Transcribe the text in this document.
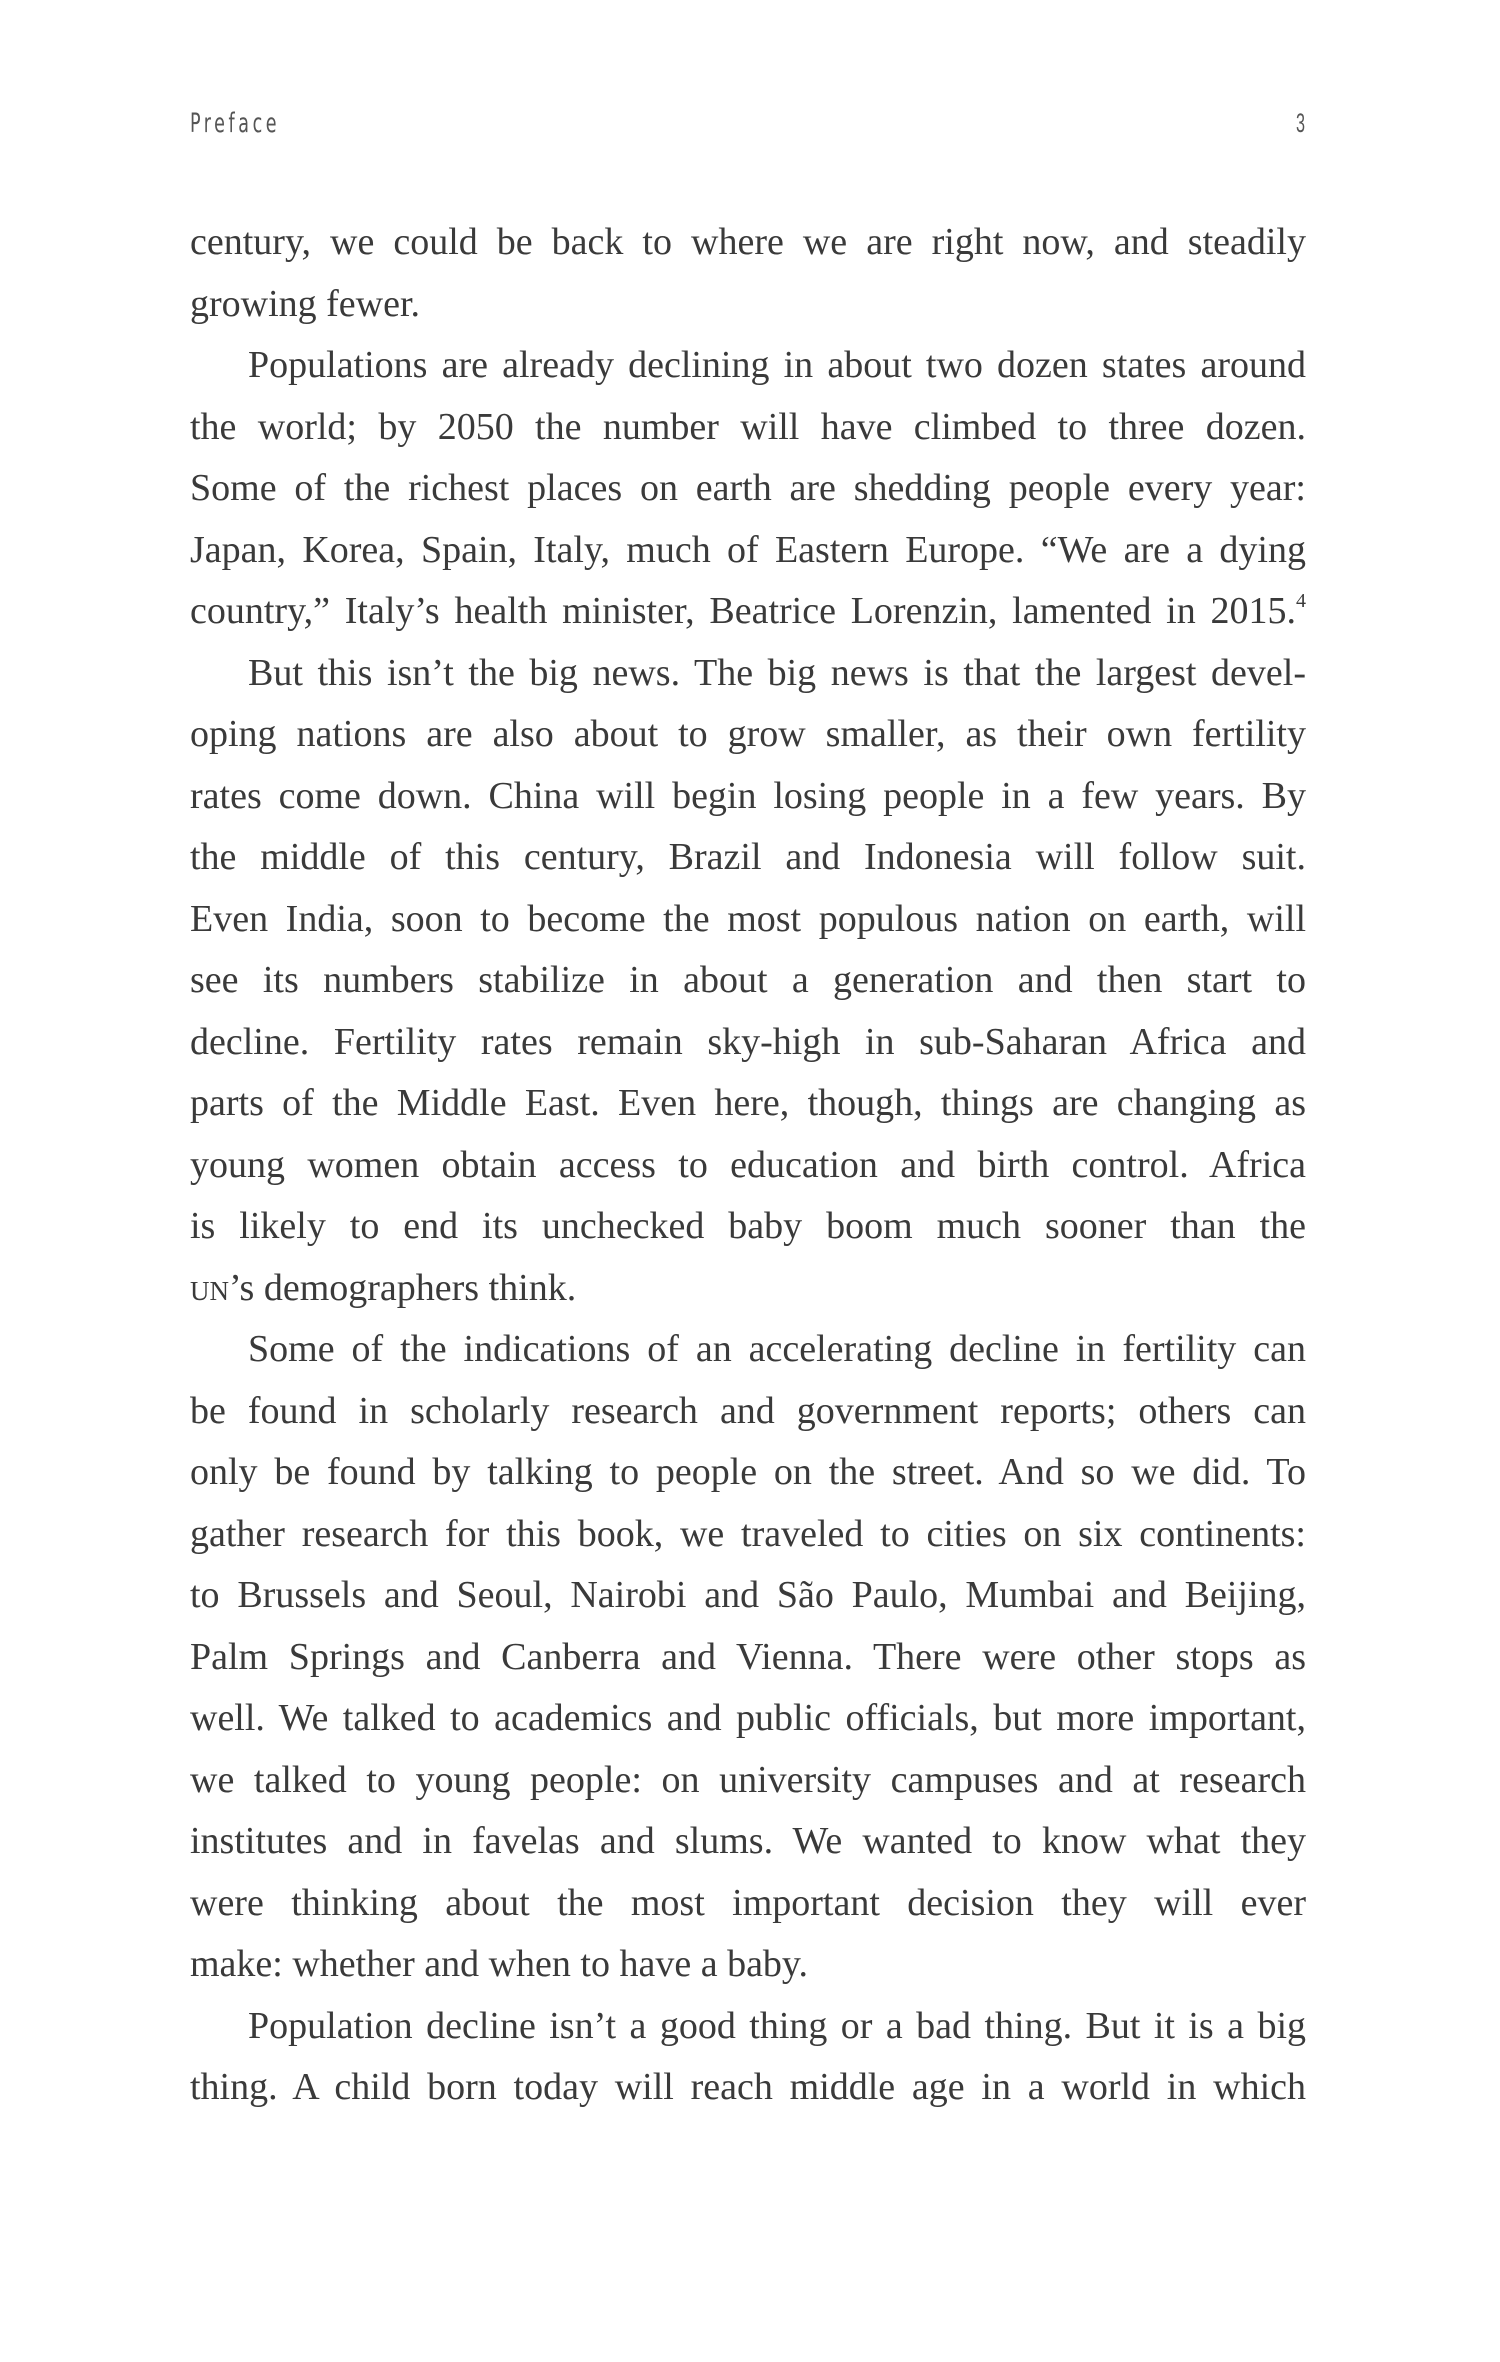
Preface	3
century, we could be back to where we are right now, and steadily
growing fewer.
Populations are already declining in about two dozen states around
the world; by 2050 the number will have climbed to three dozen.
Some of the richest places on earth are shedding people every year:
Japan, Korea, Spain, Italy, much of Eastern Europe. “We are a dying
country,” Italy’s health minister, Beatrice Lorenzin, lamented in 2015.$^4$
But this isn’t the big news. The big news is that the largest devel-
oping nations are also about to grow smaller, as their own fertility
rates come down. China will begin losing people in a few years. By
the middle of this century, Brazil and Indonesia will follow suit.
Even India, soon to become the most populous nation on earth, will
see its numbers stabilize in about a generation and then start to
decline. Fertility rates remain sky-high in sub-Saharan Africa and
parts of the Middle East. Even here, though, things are changing as
young women obtain access to education and birth control. Africa
is likely to end its unchecked baby boom much sooner than the
un’s demographers think.
Some of the indications of an accelerating decline in fertility can
be found in scholarly research and government reports; others can
only be found by talking to people on the street. And so we did. To
gather research for this book, we traveled to cities on six continents:
to Brussels and Seoul, Nairobi and São Paulo, Mumbai and Beijing,
Palm Springs and Canberra and Vienna. There were other stops as
well. We talked to academics and public officials, but more important,
we talked to young people: on university campuses and at research
institutes and in favelas and slums. We wanted to know what they
were thinking about the most important decision they will ever
make: whether and when to have a baby.
Population decline isn’t a good thing or a bad thing. But it is a big
thing. A child born today will reach middle age in a world in which
